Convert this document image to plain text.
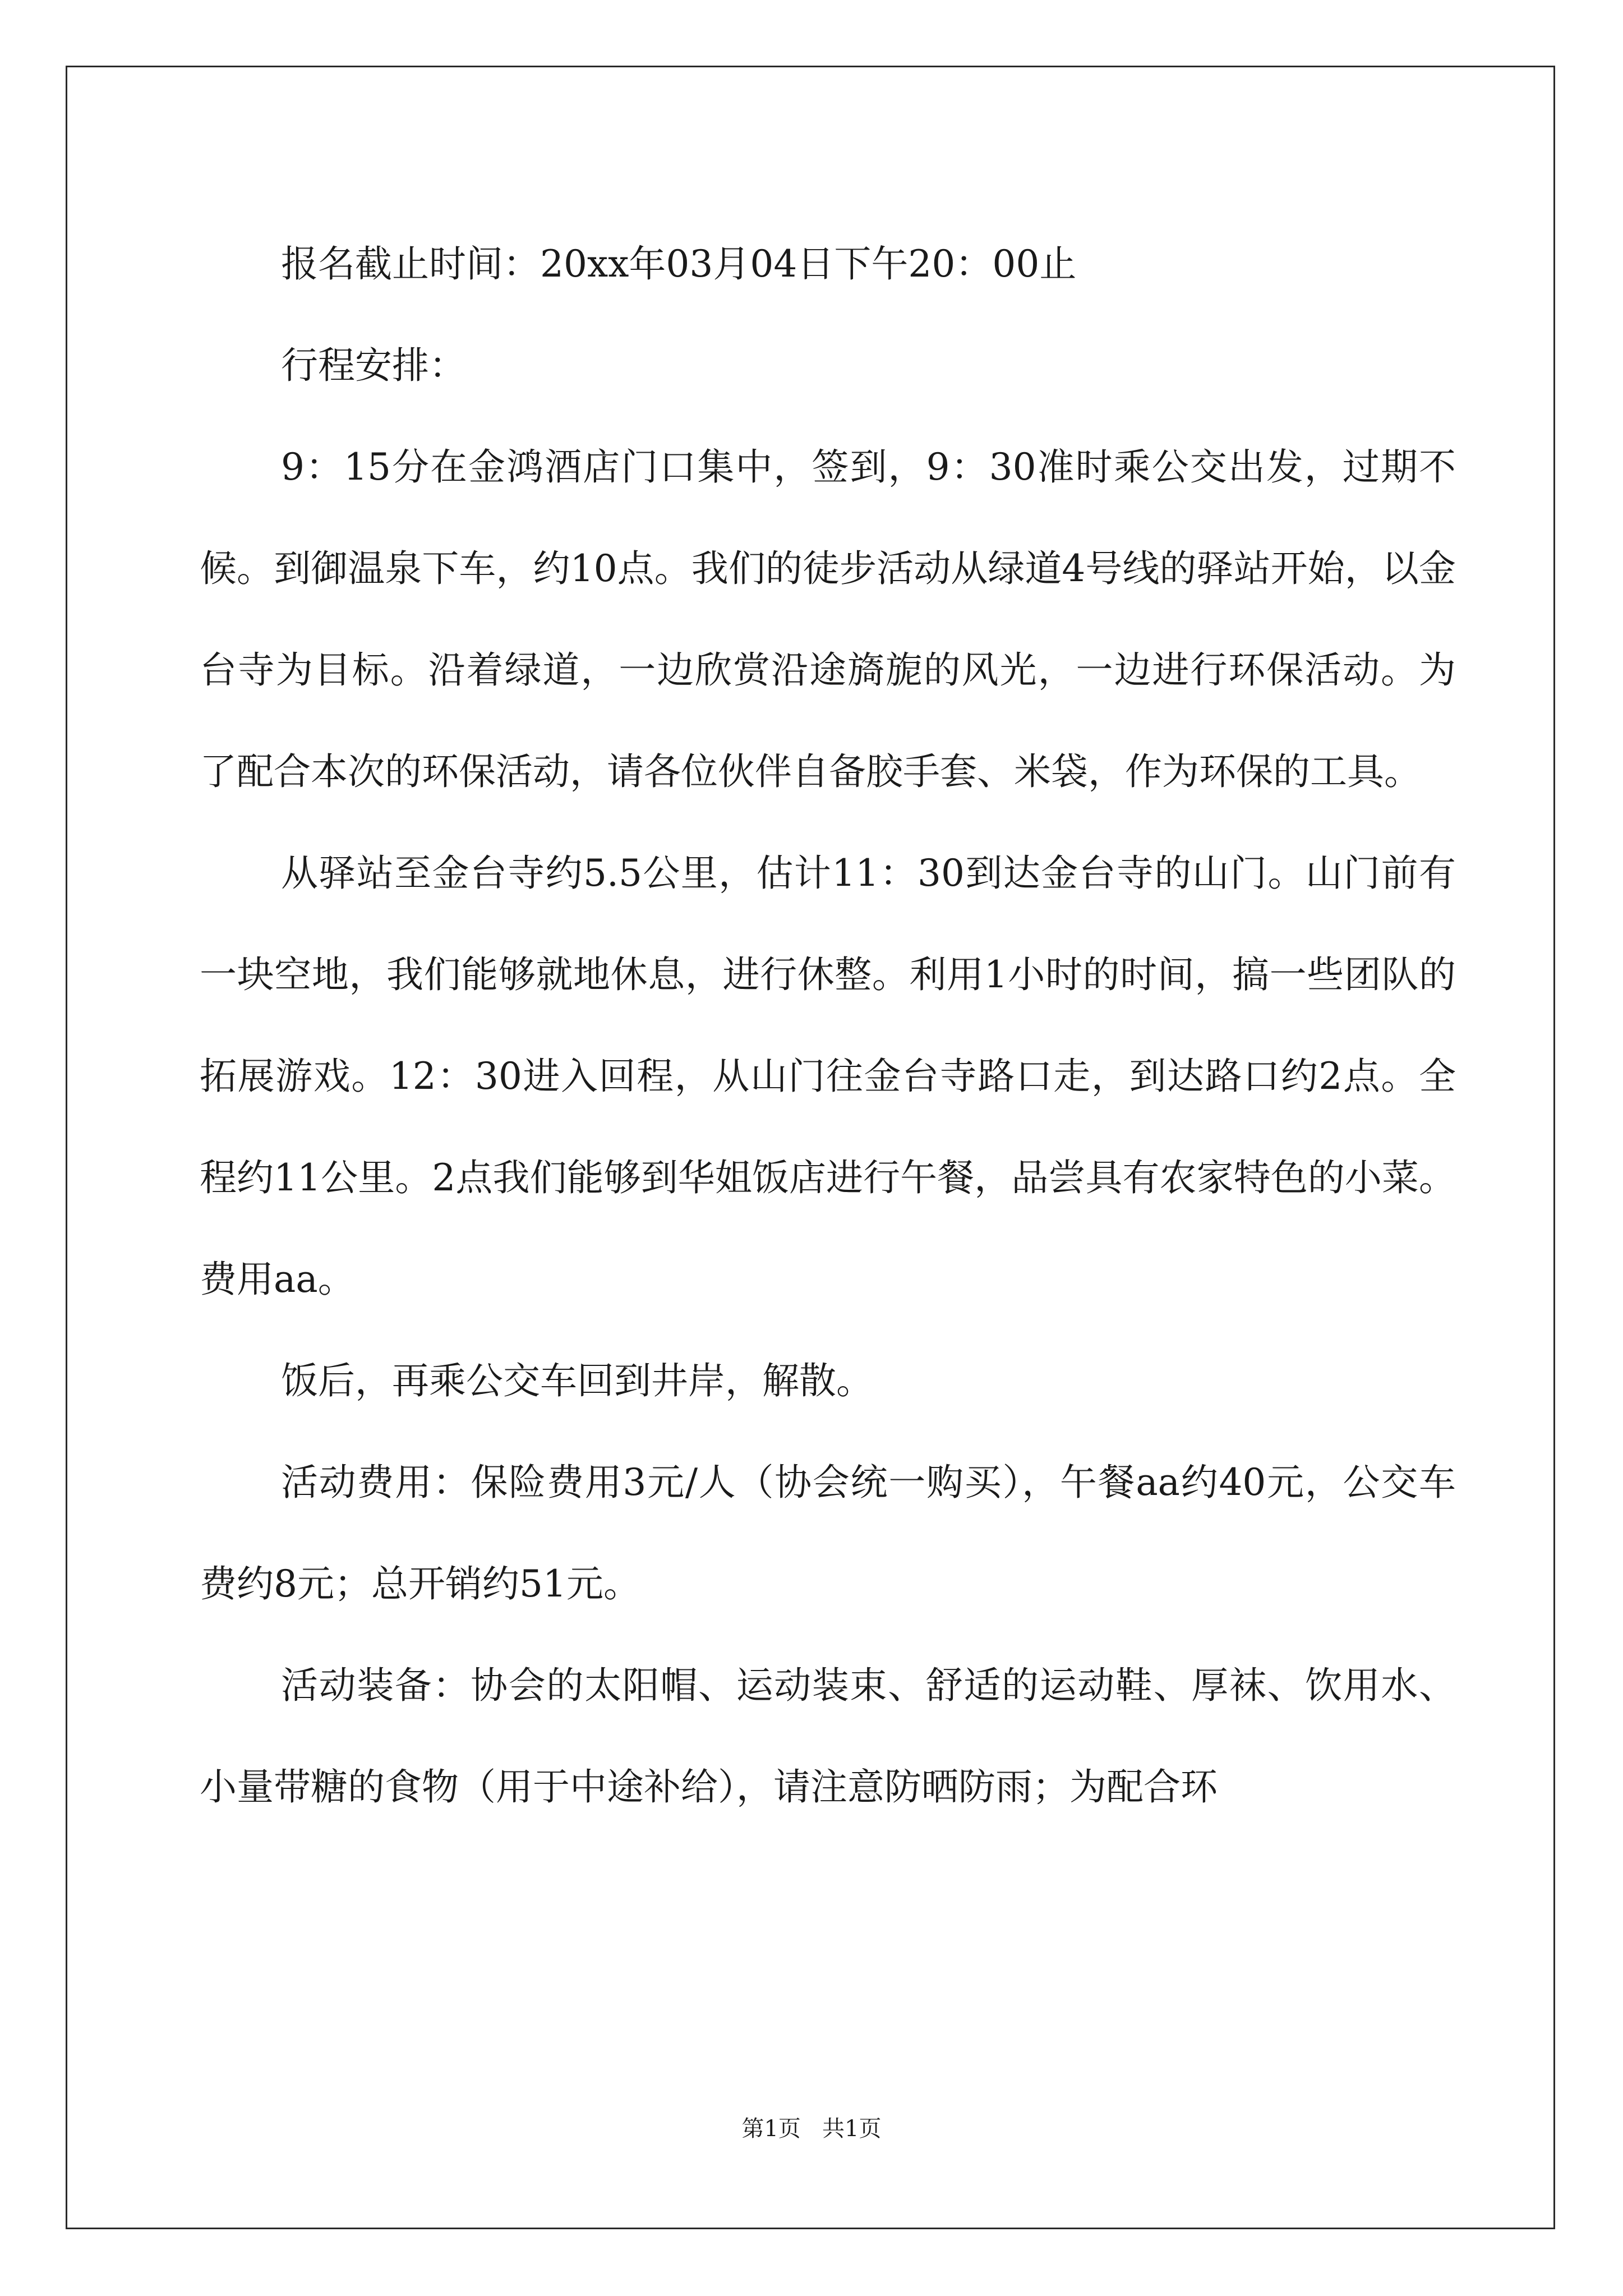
报名截止时间：20xx年03月04日下午20：00止

行程安排：

9：15分在金鸿酒店门口集中，签到，9：30准时乘公交出发，过期不候。到御温泉下车，约10点。我们的徒步活动从绿道4号线的驿站开始，以金台寺为目标。沿着绿道，一边欣赏沿途旖旎的风光，一边进行环保活动。为了配合本次的环保活动，请各位伙伴自备胶手套、米袋，作为环保的工具。

从驿站至金台寺约5.5公里，估计11：30到达金台寺的山门。山门前有一块空地，我们能够就地休息，进行休整。利用1小时的时间，搞一些团队的拓展游戏。12：30进入回程，从山门往金台寺路口走，到达路口约2点。全程约11公里。2点我们能够到华姐饭店进行午餐，品尝具有农家特色的小菜。费用aa。

饭后，再乘公交车回到井岸，解散。

活动费用：保险费用3元/人（协会统一购买），午餐aa约40元，公交车费约8元；总开销约51元。

活动装备：协会的太阳帽、运动装束、舒适的运动鞋、厚袜、饮用水、小量带糖的食物（用于中途补给），请注意防晒防雨；为配合环

第1页   共1页
